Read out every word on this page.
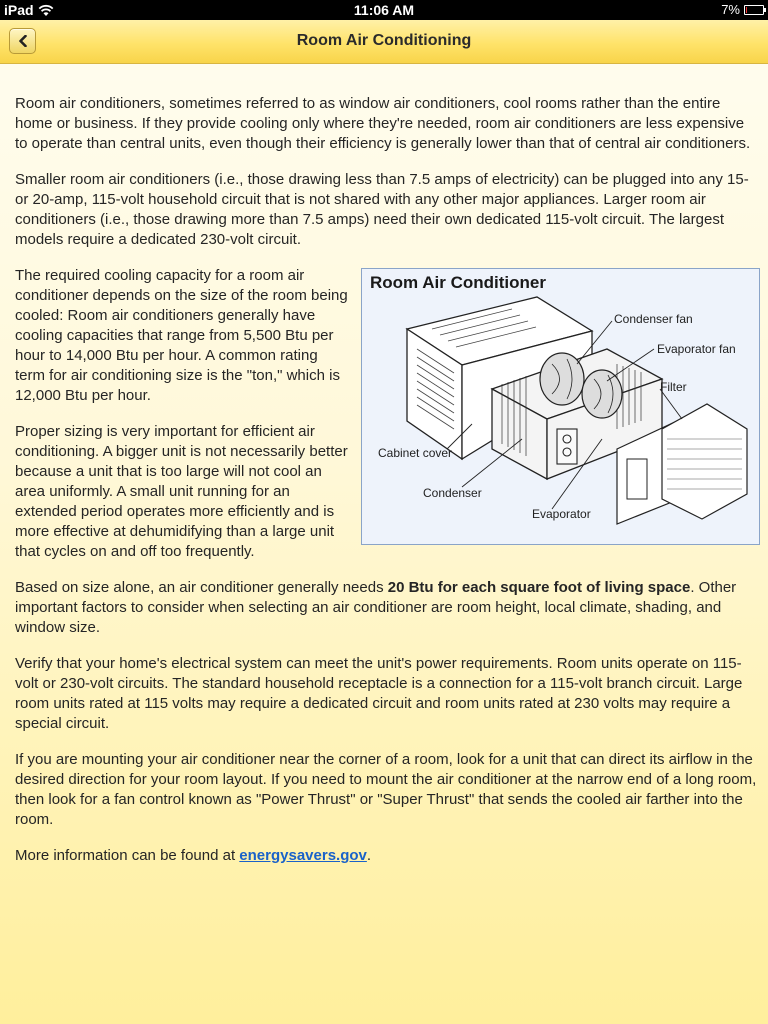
iPad	11:06 AM	7%
Room Air Conditioning

Room air conditioners, sometimes referred to as window air conditioners, cool rooms rather than the entire home or business. If they provide cooling only where they're needed, room air conditioners are less expensive to operate than central units, even though their efficiency is generally lower than that of central air conditioners.

Smaller room air conditioners (i.e., those drawing less than 7.5 amps of electricity) can be plugged into any 15- or 20-amp, 115-volt household circuit that is not shared with any other major appliances. Larger room air conditioners (i.e., those drawing more than 7.5 amps) need their own dedicated 115-volt circuit. The largest models require a dedicated 230-volt circuit.

Room Air Conditioner
Condenser fan
Evaporator fan
Filter
Cabinet cover
Condenser
Evaporator

The required cooling capacity for a room air conditioner depends on the size of the room being cooled: Room air conditioners generally have cooling capacities that range from 5,500 Btu per hour to 14,000 Btu per hour. A common rating term for air conditioning size is the "ton," which is 12,000 Btu per hour.

Proper sizing is very important for efficient air conditioning. A bigger unit is not necessarily better because a unit that is too large will not cool an area uniformly. A small unit running for an extended period operates more efficiently and is more effective at dehumidifying than a large unit that cycles on and off too frequently.

Based on size alone, an air conditioner generally needs 20 Btu for each square foot of living space. Other important factors to consider when selecting an air conditioner are room height, local climate, shading, and window size.

Verify that your home's electrical system can meet the unit's power requirements. Room units operate on 115-volt or 230-volt circuits. The standard household receptacle is a connection for a 115-volt branch circuit. Large room units rated at 115 volts may require a dedicated circuit and room units rated at 230 volts may require a special circuit.

If you are mounting your air conditioner near the corner of a room, look for a unit that can direct its airflow in the desired direction for your room layout. If you need to mount the air conditioner at the narrow end of a long room, then look for a fan control known as "Power Thrust" or "Super Thrust" that sends the cooled air farther into the room.

More information can be found at energysavers.gov.
